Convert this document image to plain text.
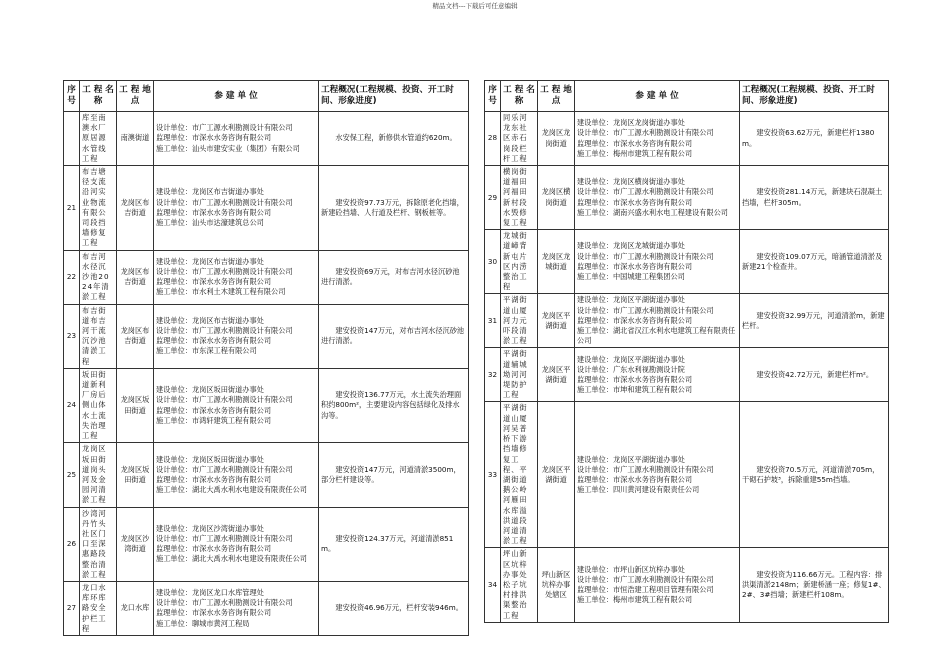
精品文档---下载后可任意编辑
序号	工 程 名 称	工 程 地 点	参 建 单 位	工程概况(工程规模、投资、开工时间、形象进度)
	库至南澳水厂原居源水管线工程	南澳街道	设计单位：市广工源水利勘测设计有限公司
监理单位：市深水水务咨询有限公司
施工单位：汕头市建安实业（集团）有限公司	水安保工程，新修供水管道约620m。
21	布吉塘径支流沿河实业物流有限公司段挡墙修复工程	龙岗区布吉街道	建设单位：龙岗区布吉街道办事处
设计单位：市广工源水利勘测设计有限公司
监理单位：市深水水务咨询有限公司
施工单位：汕头市达濠建筑总公司	建安投资97.73万元，拆除原老化挡墙，新建砼挡墙、人行道及栏杆、钢板桩等。
22	布吉河水径沉沙池2024年清淤工程	龙岗区布吉街道	建设单位：龙岗区布吉街道办事处
设计单位：市广工源水利勘测设计有限公司
监理单位：市深水水务咨询有限公司
施工单位：市水利土木建筑工程有限公司	建安投资69万元，对布吉河水径沉砂池进行清淤。
23	布吉街道布吉河干流沉沙池清淤工程	龙岗区布吉街道	建设单位：龙岗区布吉街道办事处
设计单位：市广工源水利勘测设计有限公司
监理单位：市深水水务咨询有限公司
施工单位：市东深工程有限公司	建安投资147万元，对布吉河水径沉砂池进行清淤。
24	坂田街道新利厂房后侧山体水土流失治理工程	龙岗区坂田街道	建设单位：龙岗区坂田街道办事处
设计单位：市广工源水利勘测设计有限公司
监理单位：市深水水务咨询有限公司
施工单位：市鸿轩建筑工程有限公司	建安投资136.77万元，水土流失治理面积约800m²，主要建设内容包括绿化及排水沟等。
25	龙岗区坂田街道岗头河及金园河清淤工程	龙岗区坂田街道	建设单位：龙岗区坂田街道办事处
设计单位：市广工源水利勘测设计有限公司
监理单位：市深水水务咨询有限公司
施工单位：湖北大禹水利水电建设有限责任公司	建安投资147万元，河道清淤3500m，部分栏杆建设等。
26	沙湾河丹竹头社区门口至深惠路段整治清淤工程	龙岗区沙湾街道	建设单位：龙岗区沙湾街道办事处
设计单位：市广工源水利勘测设计有限公司
监理单位：市深水水务咨询有限公司
施工单位：湖北大禹水利水电建设有限责任公司	建安投资124.37万元，河道清淤851m。
27	龙口水库环库路安全护栏工程	龙口水库	建设单位：龙岗区龙口水库管理处
设计单位：市广工源水利勘测设计有限公司
监理单位：市深水水务咨询有限公司
施工单位：聊城市黄河工程局	建安投资46.96万元，栏杆安装946m。
序号	工 程 名 称	工 程 地 点	参 建 单 位	工程概况(工程规模、投资、开工时间、形象进度)
28	同乐河龙东社区赤石岗段栏杆工程	龙岗区龙岗街道	建设单位：龙岗区龙岗街道办事处
设计单位：市广工源水利勘测设计有限公司
监理单位：市深水水务咨询有限公司
施工单位：梅州市建筑工程有限公司	建安投资63.62万元，新建栏杆1380m。
29	横岗街道福田河福田新村段水毁修复工程	龙岗区横岗街道	建设单位：龙岗区横岗街道办事处
设计单位：市广工源水利勘测设计有限公司
监理单位：市深水水务咨询有限公司
施工单位：湖南兴盛水利水电工程建设有限公司	建安投资281.14万元，新建块石混凝土挡墙，栏杆305m。
30	龙城街道嶂背新屯片区内涝整治工程	龙岗区龙城街道	建设单位：龙岗区龙城街道办事处
设计单位：市广工源水利勘测设计有限公司
监理单位：市深水水务咨询有限公司
施工单位：中国城建工程集团公司	建安投资109.07万元，暗涵管道清淤及新建21个检查井。
31	平湖街道山厦河力元吓段清淤工程	龙岗区平湖街道	建设单位：龙岗区平湖街道办事处
设计单位：市广工源水利勘测设计有限公司
监理单位：市深水水务咨询有限公司
施工单位：湖北省汉江水利水电建筑工程有限责任公司	建安投资32.99万元，河道清淤m，新建栏杆。
32	平湖街道辅城坳河河堤防护工程	龙岗区平湖街道	建设单位：龙岗区平湖街道办事处
设计单位：广东水利视勘测设计院
监理单位：市深水水务咨询有限公司
施工单位：市坤和建筑工程有限公司	建安投资42.72万元，新建栏杆m²。
33	平湖街道山厦河吴普桥下游挡墙修复工程、平湖街道鹅公岭河雁田水库溢洪道段河道清淤工程	龙岗区平湖街道	建设单位：龙岗区平湖街道办事处
设计单位：市广工源水利勘测设计有限公司
监理单位：市深水水务咨询有限公司
施工单位：四川黄河建设有限责任公司	建安投资70.5万元，河道清淤705m，干砌石护坡³，拆除重建55m挡墙。
34	坪山新区坑梓办事处松子坑村排洪渠整治工程	坪山新区坑梓办事处辖区	建设单位：市坪山新区坑梓办事处
设计单位：市广工源水利勘测设计有限公司
监理单位：市恒浩建工程项目管理有限公司
施工单位：梅州市建筑工程有限公司	建安投资为116.66万元。工程内容：排洪渠清淤2148m；新建桥涵一座；修复1#、2#、3#挡墙；新建栏杆108m。
